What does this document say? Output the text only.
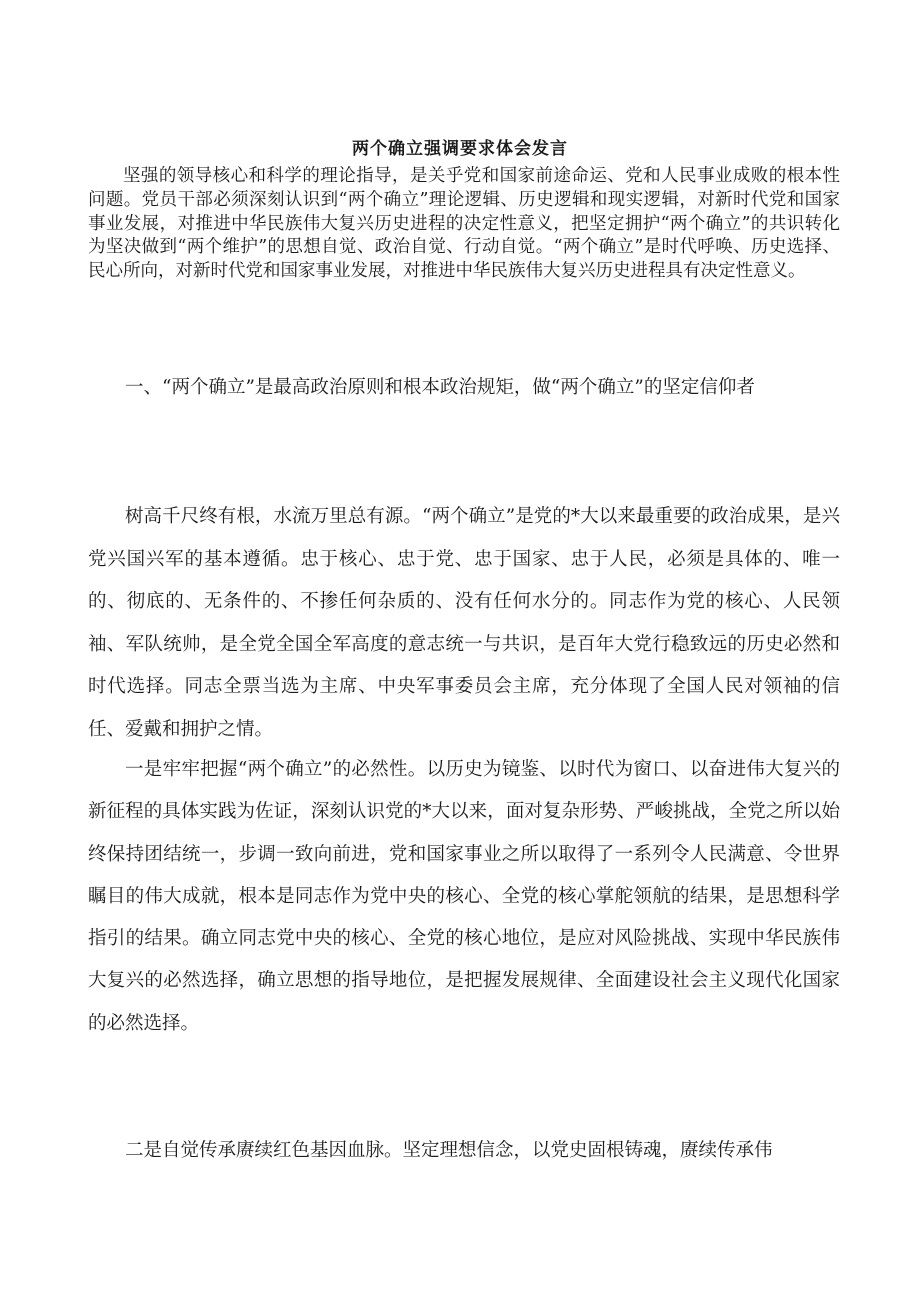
两个确立强调要求体会发言

坚强的领导核心和科学的理论指导，是关乎党和国家前途命运、党和人民事业成败的根本性问题。党员干部必须深刻认识到“两个确立”理论逻辑、历史逻辑和现实逻辑，对新时代党和国家事业发展，对推进中华民族伟大复兴历史进程的决定性意义，把坚定拥护“两个确立”的共识转化为坚决做到“两个维护”的思想自觉、政治自觉、行动自觉。“两个确立”是时代呼唤、历史选择、民心所向，对新时代党和国家事业发展，对推进中华民族伟大复兴历史进程具有决定性意义。

一、“两个确立”是最高政治原则和根本政治规矩，做“两个确立”的坚定信仰者

树高千尺终有根，水流万里总有源。“两个确立”是党的*大以来最重要的政治成果，是兴党兴国兴军的基本遵循。忠于核心、忠于党、忠于国家、忠于人民，必须是具体的、唯一的、彻底的、无条件的、不掺任何杂质的、没有任何水分的。同志作为党的核心、人民领袖、军队统帅，是全党全国全军高度的意志统一与共识，是百年大党行稳致远的历史必然和时代选择。同志全票当选为主席、中央军事委员会主席，充分体现了全国人民对领袖的信任、爱戴和拥护之情。

一是牢牢把握“两个确立”的必然性。以历史为镜鉴、以时代为窗口、以奋进伟大复兴的新征程的具体实践为佐证，深刻认识党的*大以来，面对复杂形势、严峻挑战，全党之所以始终保持团结统一，步调一致向前进，党和国家事业之所以取得了一系列令人民满意、令世界瞩目的伟大成就，根本是同志作为党中央的核心、全党的核心掌舵领航的结果，是思想科学指引的结果。确立同志党中央的核心、全党的核心地位，是应对风险挑战、实现中华民族伟大复兴的必然选择，确立思想的指导地位，是把握发展规律、全面建设社会主义现代化国家的必然选择。

二是自觉传承赓续红色基因血脉。坚定理想信念，以党史固根铸魂，赓续传承伟
